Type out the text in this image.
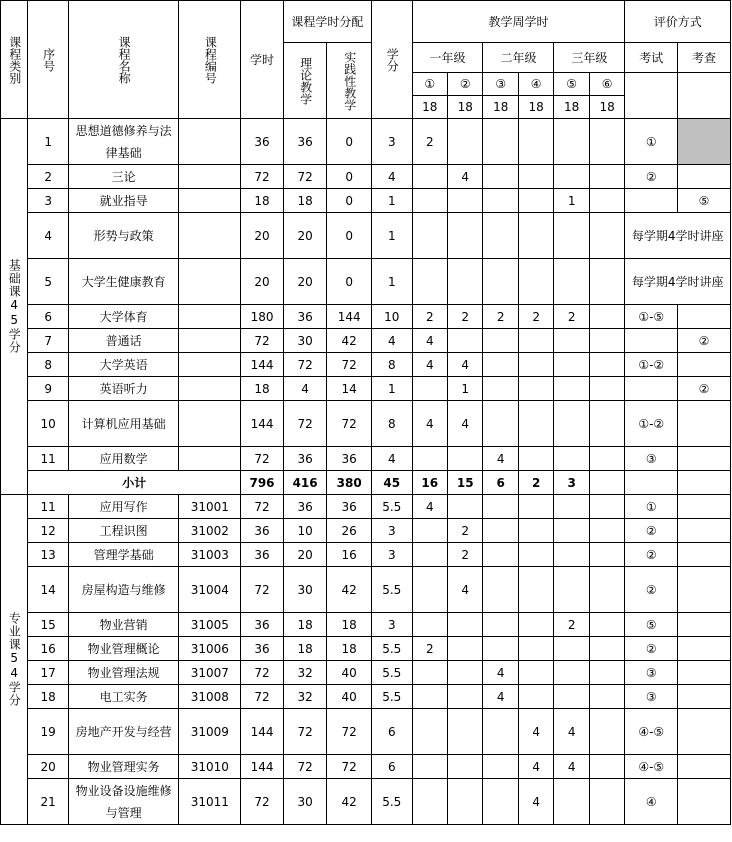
课程类别	序号	课程名称	课程编号	学时	课程学时分配		学分	教学周学时						评价方式	
					理论教学	实践性教学		一年级		二年级		三年级		考试	考查
								①	②	③	④	⑤	⑥		
								18	18	18	18	18	18		
基础课45学分	1	思想道德修养与法律基础		36	36	0	3	2						①	
	2	三论		72	72	0	4		4					②	
	3	就业指导		18	18	0	1					1			⑤
	4	形势与政策		20	20	0	1							每学期4学时讲座	
	5	大学生健康教育		20	20	0	1							每学期4学时讲座	
	6	大学体育		180	36	144	10	2	2	2	2	2		①-⑤	
	7	普通话		72	30	42	4	4							②
	8	大学英语		144	72	72	8	4	4					①-②	
	9	英语听力		18	4	14	1		1						②
	10	计算机应用基础		144	72	72	8	4	4					①-②	
	11	应用数学		72	36	36	4			4				③	
	小计			796	416	380	45	16	15	6	2	3			
专业课54学分	11	应用写作	31001	72	36	36	5.5	4						①	
	12	工程识图	31002	36	10	26	3		2					②	
	13	管理学基础	31003	36	20	16	3		2					②	
	14	房屋构造与维修	31004	72	30	42	5.5		4					②	
	15	物业营销	31005	36	18	18	3					2		⑤	
	16	物业管理概论	31006	36	18	18	5.5	2						②	
	17	物业管理法规	31007	72	32	40	5.5			4				③	
	18	电工实务	31008	72	32	40	5.5			4				③	
	19	房地产开发与经营	31009	144	72	72	6				4	4		④-⑤	
	20	物业管理实务	31010	144	72	72	6				4	4		④-⑤	
	21	物业设备设施维修与管理	31011	72	30	42	5.5				4			④	
